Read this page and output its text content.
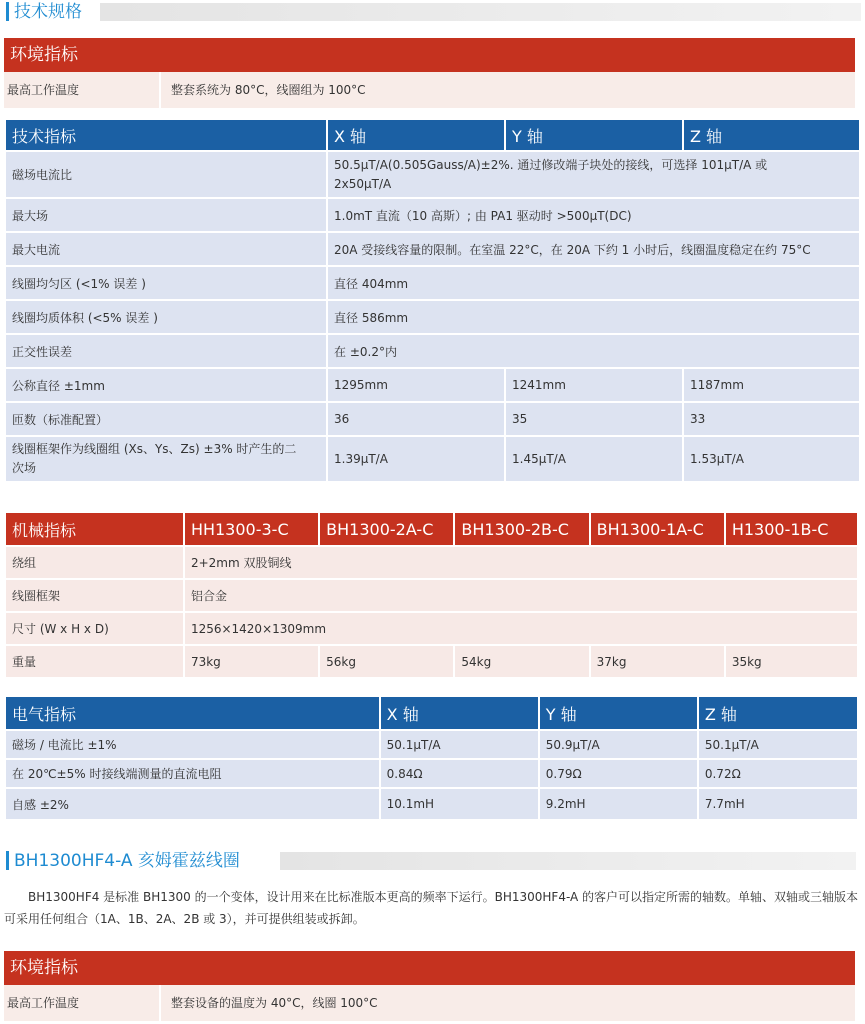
技术规格
环境指标
最高工作温度	整套系统为 80°C，线圈组为 100°C
技术指标	X 轴	Y 轴	Z 轴
磁场电流比	50.5μT/A(0.505Gauss/A)±2%. 通过修改端子块处的接线，可选择 101μT/A 或 2x50μT/A		
最大场	1.0mT 直流（10 高斯）; 由 PA1 驱动时 >500μT(DC)		
最大电流	20A 受接线容量的限制。在室温 22°C，在 20A 下约 1 小时后，线圈温度稳定在约 75°C		
线圈均匀区 (<1% 误差 )	直径 404mm		
线圈均质体积 (<5% 误差 )	直径 586mm		
正交性误差	在 ±0.2°内		
公称直径 ±1mm	1295mm	1241mm	1187mm
匝数（标准配置）	36	35	33
线圈框架作为线圈组 (Xs、Ys、Zs) ±3% 时产生的二次场	1.39μT/A	1.45μT/A	1.53μT/A
机械指标	HH1300-3-C	BH1300-2A-C	BH1300-2B-C	BH1300-1A-C	H1300-1B-C
绕组	2+2mm 双股铜线				
线圈框架	铝合金				
尺寸 (W x H x D)	1256×1420×1309mm				
重量	73kg	56kg	54kg	37kg	35kg
电气指标	X 轴	Y 轴	Z 轴
磁场 / 电流比 ±1%	50.1μT/A	50.9μT/A	50.1μT/A
在 20℃±5% 时接线端测量的直流电阻	0.84Ω	0.79Ω	0.72Ω
自感 ±2%	10.1mH	9.2mH	7.7mH
BH1300HF4-A 亥姆霍兹线圈
BH1300HF4 是标准 BH1300 的一个变体，设计用来在比标准版本更高的频率下运行。BH1300HF4-A 的客户可以指定所需的轴数。单轴、双轴或三轴版本可采用任何组合（1A、1B、2A、2B 或 3），并可提供组装或拆卸。
环境指标
最高工作温度	整套设备的温度为 40°C，线圈 100°C
